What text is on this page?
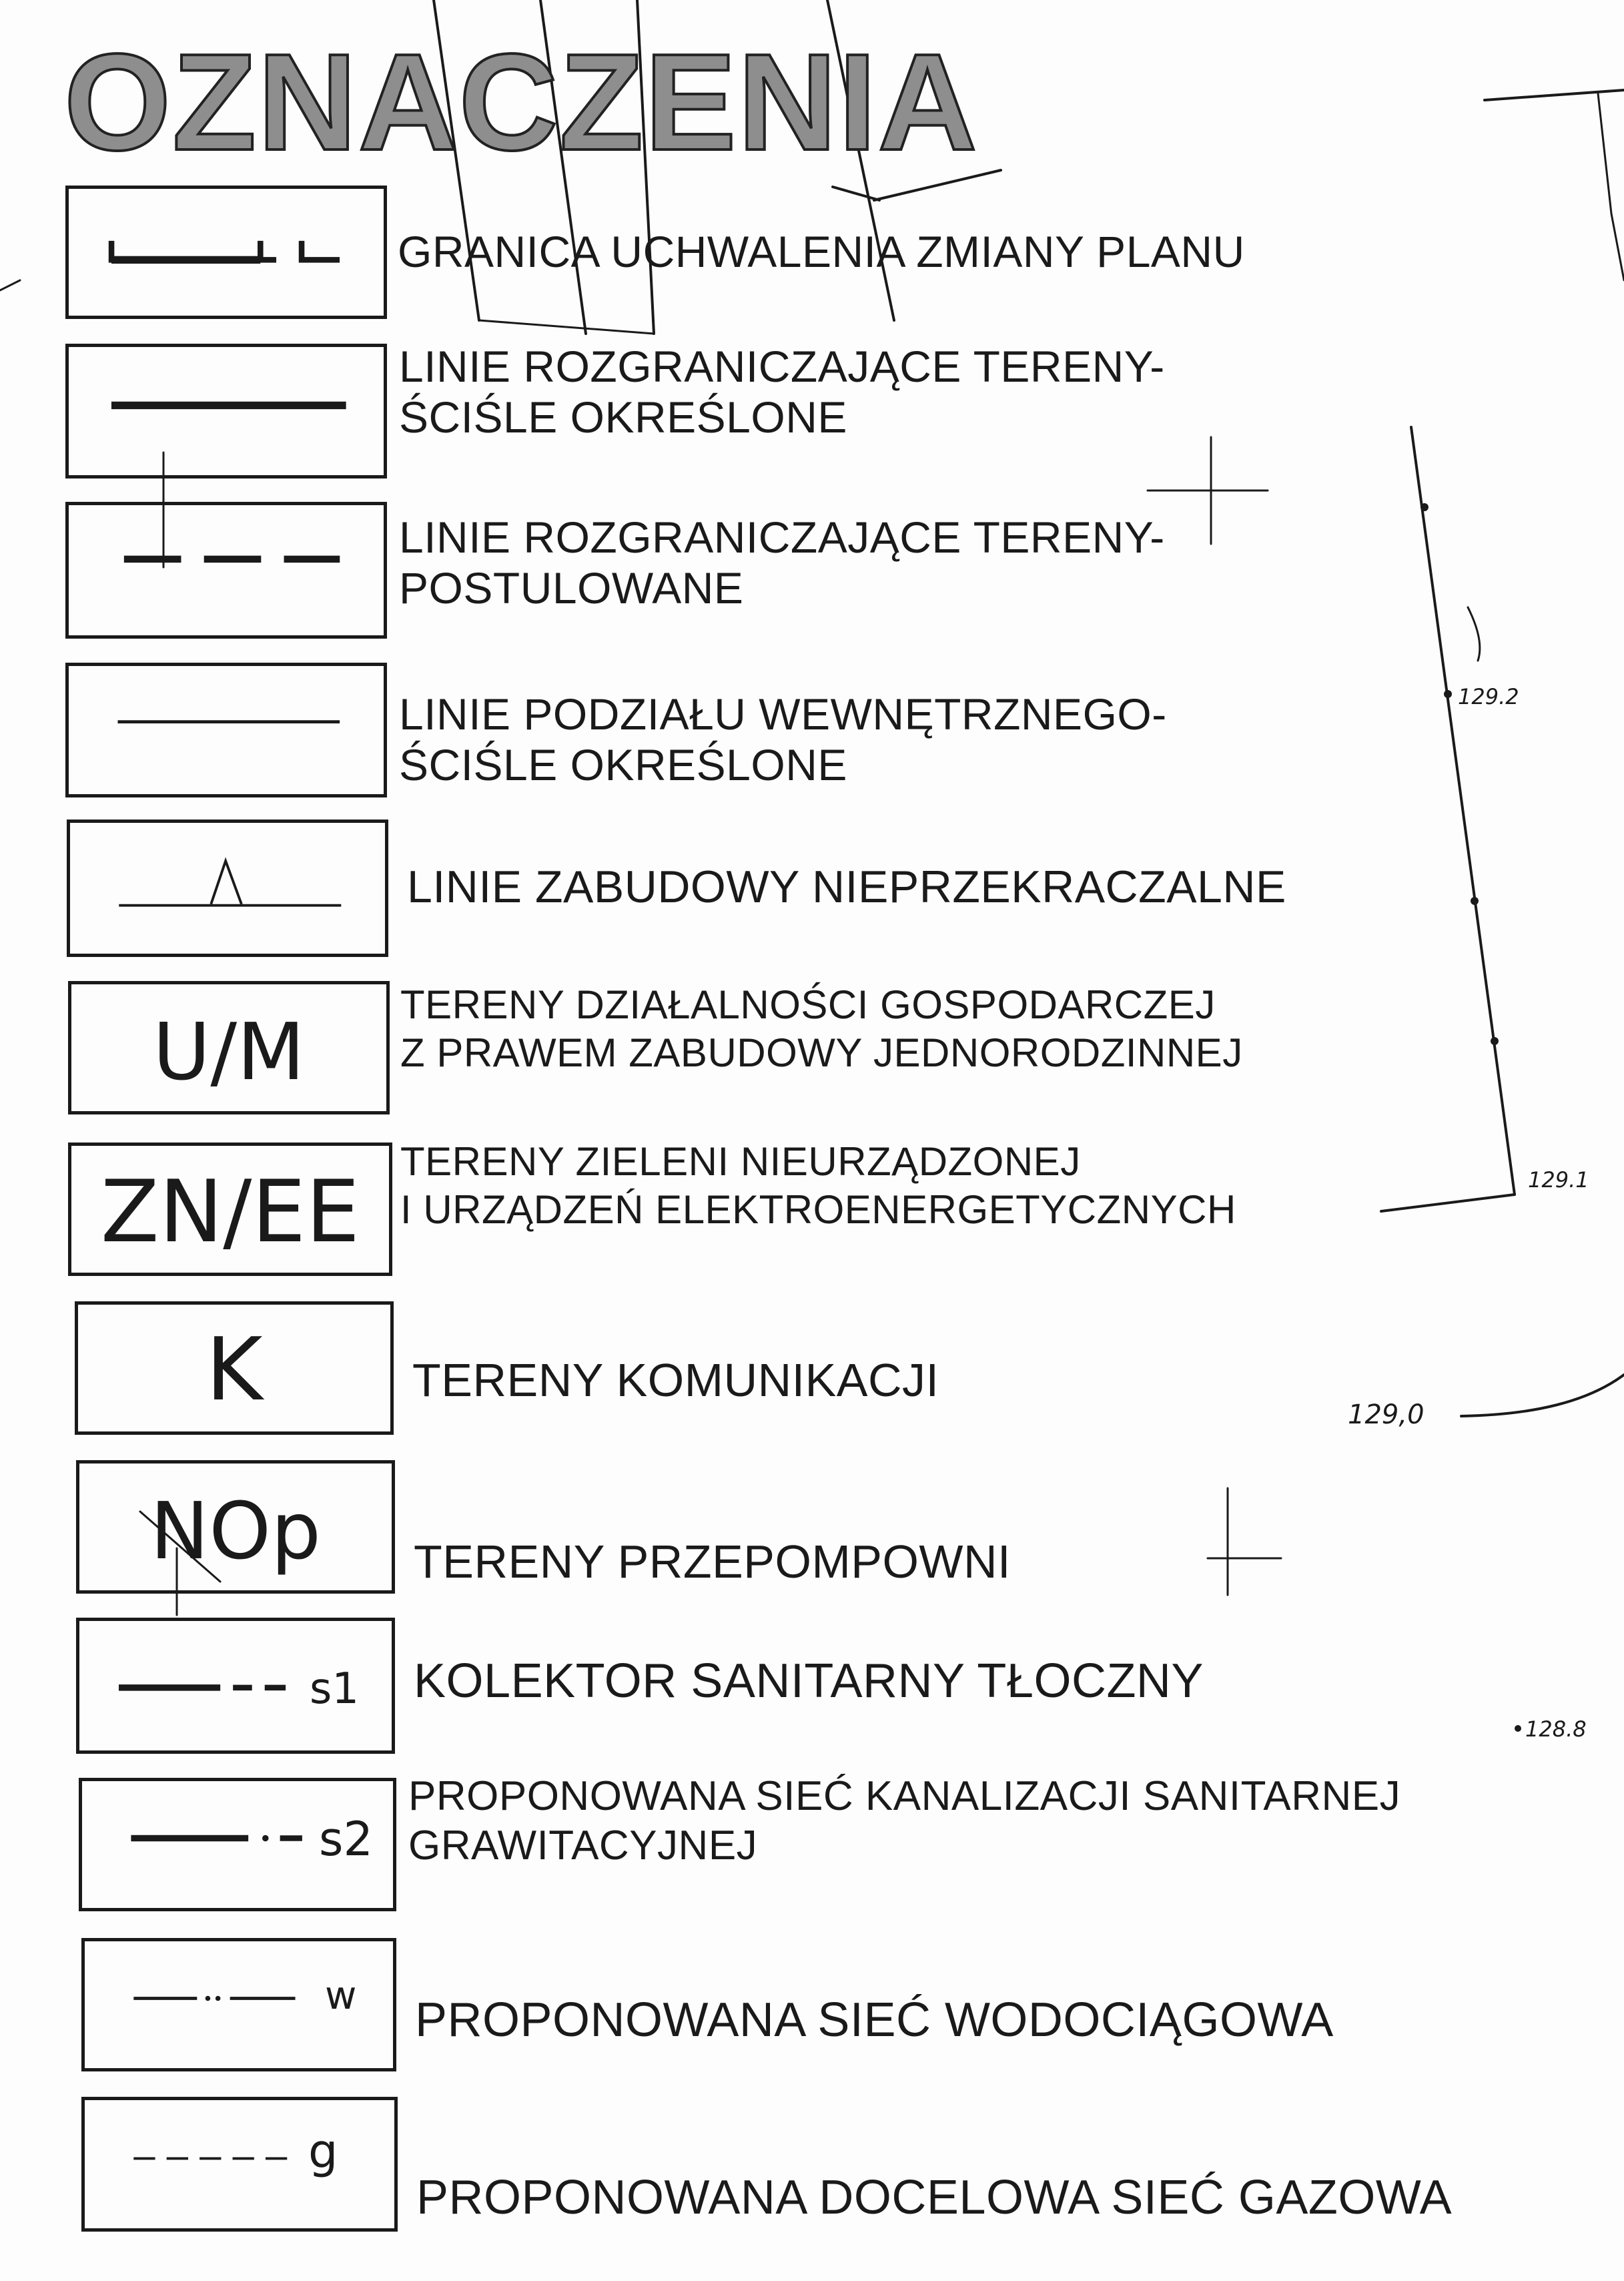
129.2
129.1
129,0
128.8
OZNACZENIA
GRANICA UCHWALENIA ZMIANY PLANU
LINIE ROZGRANICZAJĄCE TERENY-
ŚCIŚLE OKREŚLONE
LINIE ROZGRANICZAJĄCE TERENY-
POSTULOWANE
LINIE PODZIAŁU WEWNĘTRZNEGO-
ŚCIŚLE OKREŚLONE
LINIE ZABUDOWY NIEPRZEKRACZALNE
U/M
TERENY DZIAŁALNOŚCI GOSPODARCZEJ
Z PRAWEM ZABUDOWY JEDNORODZINNEJ
ZN/EE
TERENY ZIELENI NIEURZĄDZONEJ
I URZĄDZEŃ ELEKTROENERGETYCZNYCH
K	TERENY KOMUNIKACJI
NOp	TERENY PRZEPOMPOWNI
s1 KOLEKTOR SANITARNY TŁOCZNY
s2
PROPONOWANA SIEĆ KANALIZACJI SANITARNEJ
GRAWITACYJNEJ
w PROPONOWANA SIEĆ WODOCIĄGOWA
g
PROPONOWANA DOCELOWA SIEĆ GAZOWA
